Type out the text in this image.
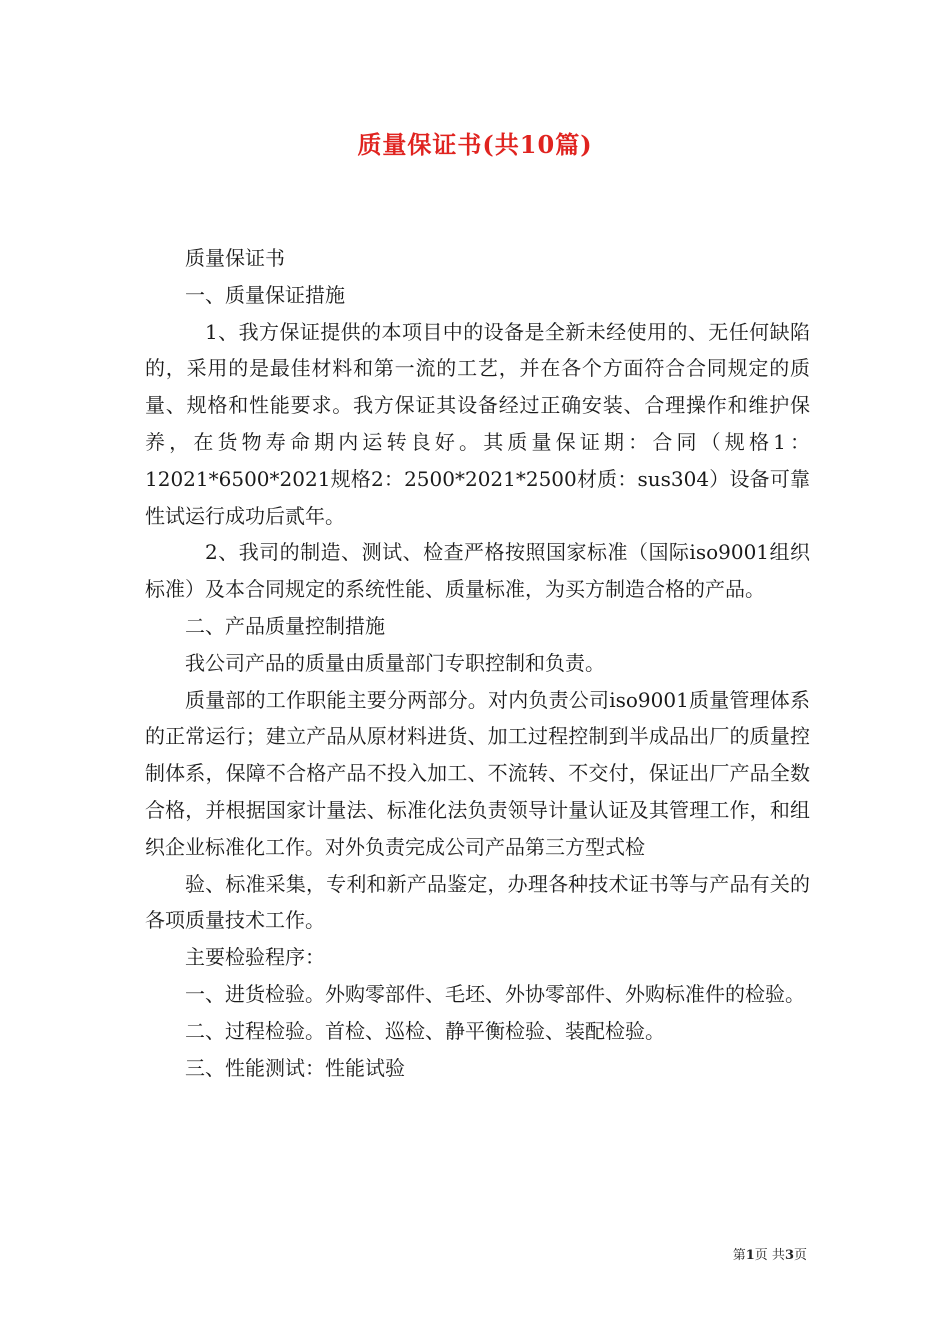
质量保证书(共10篇)

质量保证书

一、质量保证措施

1、我方保证提供的本项目中的设备是全新未经使用的、无任何缺陷的，采用的是最佳材料和第一流的工艺，并在各个方面符合合同规定的质量、规格和性能要求。我方保证其设备经过正确安装、合理操作和维护保养，在货物寿命期内运转良好。其质量保证期：合同（规格1：12021*6500*2021规格2：2500*2021*2500材质：sus304）设备可靠性试运行成功后贰年。

2、我司的制造、测试、检查严格按照国家标准（国际iso9001组织标准）及本合同规定的系统性能、质量标准，为买方制造合格的产品。

二、产品质量控制措施

我公司产品的质量由质量部门专职控制和负责。

质量部的工作职能主要分两部分。对内负责公司iso9001质量管理体系的正常运行；建立产品从原材料进货、加工过程控制到半成品出厂的质量控制体系，保障不合格产品不投入加工、不流转、不交付，保证出厂产品全数合格，并根据国家计量法、标准化法负责领导计量认证及其管理工作，和组织企业标准化工作。对外负责完成公司产品第三方型式检

验、标准采集，专利和新产品鉴定，办理各种技术证书等与产品有关的各项质量技术工作。

主要检验程序：

一、进货检验。外购零部件、毛坯、外协零部件、外购标准件的检验。

二、过程检验。首检、巡检、静平衡检验、装配检验。

三、性能测试：性能试验

第1页 共3页
